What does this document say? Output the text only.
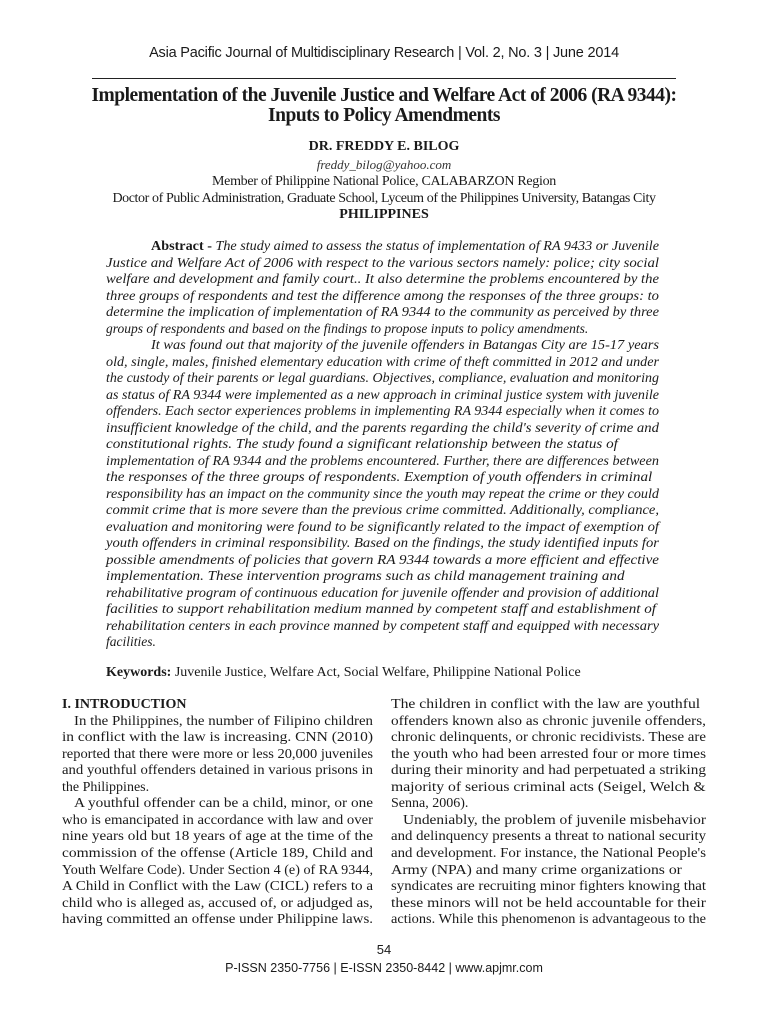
Asia Pacific Journal of Multidisciplinary Research | Vol. 2, No. 3 | June 2014
Implementation of the Juvenile Justice and Welfare Act of 2006 (RA 9344):
Inputs to Policy Amendments
DR. FREDDY E. BILOG
freddy_bilog@yahoo.com
Member of Philippine National Police, CALABARZON Region
Doctor of Public Administration, Graduate School, Lyceum of the Philippines University, Batangas City
PHILIPPINES
Abstract - The study aimed to assess the status of implementation of RA 9433 or Juvenile
Justice and Welfare Act of 2006 with respect to the various sectors namely: police; city social
welfare and development and family court.. It also determine the problems encountered by the
three groups of respondents and test the difference among the responses of the three groups: to
determine the implication of implementation of RA 9344 to the community as perceived by three
groups of respondents and based on the findings to propose inputs to policy amendments.
It was found out that majority of the juvenile offenders in Batangas City are 15-17 years
old, single, males, finished elementary education with crime of theft committed in 2012 and under
the custody of their parents or legal guardians. Objectives, compliance, evaluation and monitoring
as status of RA 9344 were implemented as a new approach in criminal justice system with juvenile
offenders. Each sector experiences problems in implementing RA 9344 especially when it comes to
insufficient knowledge of the child, and the parents regarding the child's severity of crime and
constitutional rights. The study found a significant relationship between the status of
implementation of RA 9344 and the problems encountered. Further, there are differences between
the responses of the three groups of respondents. Exemption of youth offenders in criminal
responsibility has an impact on the community since the youth may repeat the crime or they could
commit crime that is more severe than the previous crime committed. Additionally, compliance,
evaluation and monitoring were found to be significantly related to the impact of exemption of
youth offenders in criminal responsibility. Based on the findings, the study identified inputs for
possible amendments of policies that govern RA 9344 towards a more efficient and effective
implementation. These intervention programs such as child management training and
rehabilitative program of continuous education for juvenile offender and provision of additional
facilities to support rehabilitation medium manned by competent staff and establishment of
rehabilitation centers in each province manned by competent staff and equipped with necessary
facilities.
Keywords: Juvenile Justice, Welfare Act, Social Welfare, Philippine National Police
I. INTRODUCTION
In the Philippines, the number of Filipino children
in conflict with the law is increasing. CNN (2010)
reported that there were more or less 20,000 juveniles
and youthful offenders detained in various prisons in
the Philippines.
A youthful offender can be a child, minor, or one
who is emancipated in accordance with law and over
nine years old but 18 years of age at the time of the
commission of the offense (Article 189, Child and
Youth Welfare Code). Under Section 4 (e) of RA 9344,
A Child in Conflict with the Law (CICL) refers to a
child who is alleged as, accused of, or adjudged as,
having committed an offense under Philippine laws.
The children in conflict with the law are youthful
offenders known also as chronic juvenile offenders,
chronic delinquents, or chronic recidivists. These are
the youth who had been arrested four or more times
during their minority and had perpetuated a striking
majority of serious criminal acts (Seigel, Welch &
Senna, 2006).
Undeniably, the problem of juvenile misbehavior
and delinquency presents a threat to national security
and development. For instance, the National People's
Army (NPA) and many crime organizations or
syndicates are recruiting minor fighters knowing that
these minors will not be held accountable for their
actions. While this phenomenon is advantageous to the
54
P-ISSN 2350-7756 | E-ISSN 2350-8442 | www.apjmr.com
